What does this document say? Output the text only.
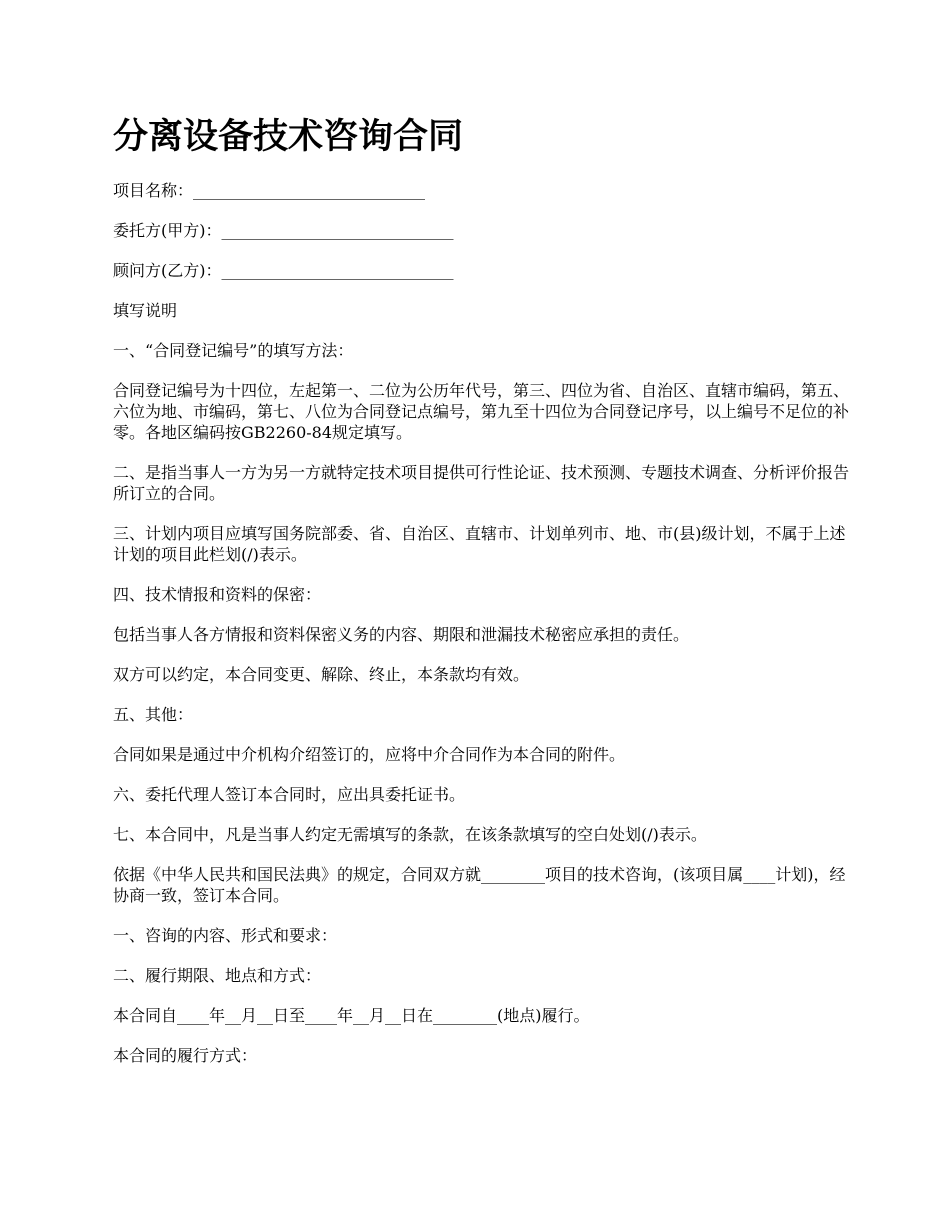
分离设备技术咨询合同

项目名称：_____________________________

委托方(甲方)：_____________________________

顾问方(乙方)：_____________________________

填写说明

一、“合同登记编号”的填写方法：

合同登记编号为十四位，左起第一、二位为公历年代号，第三、四位为省、自治区、直辖市编码，第五、六位为地、市编码，第七、八位为合同登记点编号，第九至十四位为合同登记序号，以上编号不足位的补零。各地区编码按GB2260-84规定填写。

二、是指当事人一方为另一方就特定技术项目提供可行性论证、技术预测、专题技术调查、分析评价报告所订立的合同。

三、计划内项目应填写国务院部委、省、自治区、直辖市、计划单列市、地、市(县)级计划，不属于上述计划的项目此栏划(/)表示。

四、技术情报和资料的保密：

包括当事人各方情报和资料保密义务的内容、期限和泄漏技术秘密应承担的责任。

双方可以约定，本合同变更、解除、终止，本条款均有效。

五、其他：

合同如果是通过中介机构介绍签订的，应将中介合同作为本合同的附件。

六、委托代理人签订本合同时，应出具委托证书。

七、本合同中，凡是当事人约定无需填写的条款，在该条款填写的空白处划(/)表示。

依据《中华人民共和国民法典》的规定，合同双方就________项目的技术咨询，(该项目属____计划)，经协商一致，签订本合同。

一、咨询的内容、形式和要求：

二、履行期限、地点和方式：

本合同自____年__月__日至____年__月__日在________(地点)履行。

本合同的履行方式：
